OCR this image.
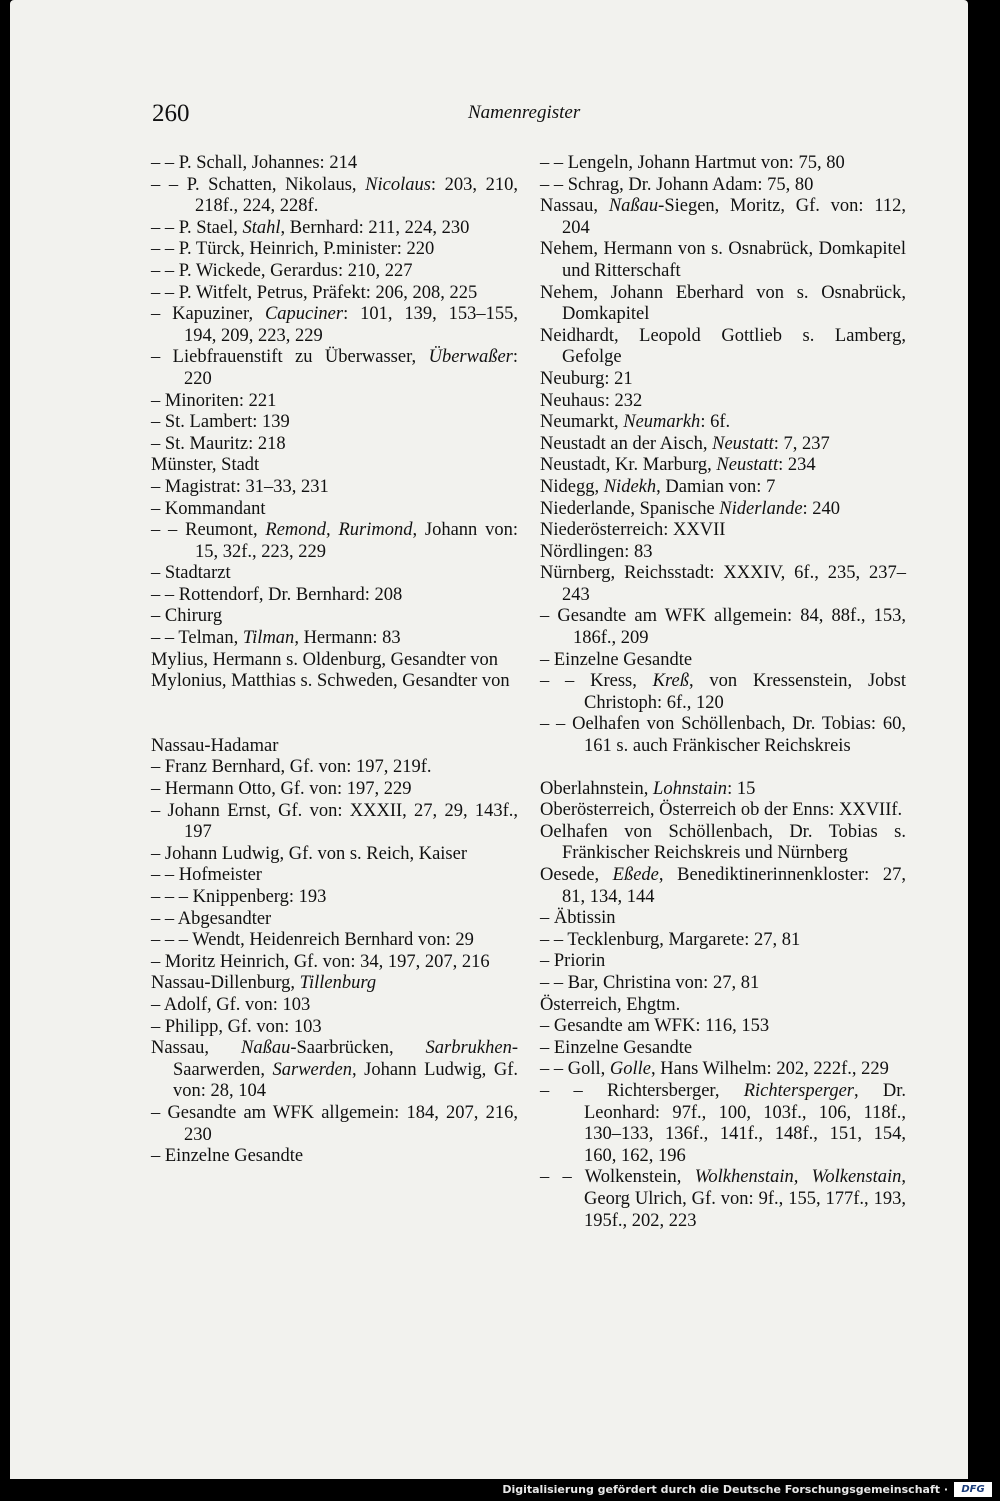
260	Namenregister

– – P. Schall, Johannes: 214

– – P. Schatten, Nikolaus, Nicolaus: 203, 210, 218f., 224, 228f.

– – P. Stael, Stahl, Bernhard: 211, 224, 230

– – P. Türck, Heinrich, P.minister: 220

– – P. Wickede, Gerardus: 210, 227

– – P. Witfelt, Petrus, Präfekt: 206, 208, 225

– Kapuziner, Capuciner: 101, 139, 153–155, 194, 209, 223, 229

– Liebfrauenstift zu Überwasser, Überwaßer: 220

– Minoriten: 221

– St. Lambert: 139

– St. Mauritz: 218

Münster, Stadt

– Magistrat: 31–33, 231

– Kommandant

– – Reumont, Remond, Rurimond, Johann von: 15, 32f., 223, 229

– Stadtarzt

– – Rottendorf, Dr. Bernhard: 208

– Chirurg

– – Telman, Tilman, Hermann: 83

Mylius, Hermann s. Oldenburg, Gesandter von

Mylonius, Matthias s. Schweden, Gesandter von

Nassau-Hadamar

– Franz Bernhard, Gf. von: 197, 219f.

– Hermann Otto, Gf. von: 197, 229

– Johann Ernst, Gf. von: XXXII, 27, 29, 143f., 197

– Johann Ludwig, Gf. von s. Reich, Kaiser

– – Hofmeister

– – – Knippenberg: 193

– – Abgesandter

– – – Wendt, Heidenreich Bernhard von: 29

– Moritz Heinrich, Gf. von: 34, 197, 207, 216

Nassau-Dillenburg, Tillenburg

– Adolf, Gf. von: 103

– Philipp, Gf. von: 103

Nassau, Naßau-Saarbrücken, Sarbrukhen-Saarwerden, Sarwerden, Johann Ludwig, Gf. von: 28, 104

– Gesandte am WFK allgemein: 184, 207, 216, 230

– Einzelne Gesandte

– – Lengeln, Johann Hartmut von: 75, 80

– – Schrag, Dr. Johann Adam: 75, 80

Nassau, Naßau-Siegen, Moritz, Gf. von: 112, 204

Nehem, Hermann von s. Osnabrück, Domkapitel und Ritterschaft

Nehem, Johann Eberhard von s. Osnabrück, Domkapitel

Neidhardt, Leopold Gottlieb s. Lamberg, Gefolge

Neuburg: 21

Neuhaus: 232

Neumarkt, Neumarkh: 6f.

Neustadt an der Aisch, Neustatt: 7, 237

Neustadt, Kr. Marburg, Neustatt: 234

Nidegg, Nidekh, Damian von: 7

Niederlande, Spanische Niderlande: 240

Niederösterreich: XXVII

Nördlingen: 83

Nürnberg, Reichsstadt: XXXIV, 6f., 235, 237–243

– Gesandte am WFK allgemein: 84, 88f., 153, 186f., 209

– Einzelne Gesandte

– – Kress, Kreß, von Kressenstein, Jobst Christoph: 6f., 120

– – Oelhafen von Schöllenbach, Dr. Tobias: 60, 161 s. auch Fränkischer Reichskreis

Oberlahnstein, Lohnstain: 15

Oberösterreich, Österreich ob der Enns: XXVIIf.

Oelhafen von Schöllenbach, Dr. Tobias s. Fränkischer Reichskreis und Nürnberg

Oesede, Eßede, Benediktinerinnenkloster: 27, 81, 134, 144

– Äbtissin

– – Tecklenburg, Margarete: 27, 81

– Priorin

– – Bar, Christina von: 27, 81

Österreich, Ehgtm.

– Gesandte am WFK: 116, 153

– Einzelne Gesandte

– – Goll, Golle, Hans Wilhelm: 202, 222f., 229

– – Richtersberger, Richtersperger, Dr. Leonhard: 97f., 100, 103f., 106, 118f., 130–133, 136f., 141f., 148f., 151, 154, 160, 162, 196

– – Wolkenstein, Wolkhenstain, Wolkenstain, Georg Ulrich, Gf. von: 9f., 155, 177f., 193, 195f., 202, 223

Digitalisierung gefördert durch die Deutsche Forschungsgemeinschaft ·	DFG
